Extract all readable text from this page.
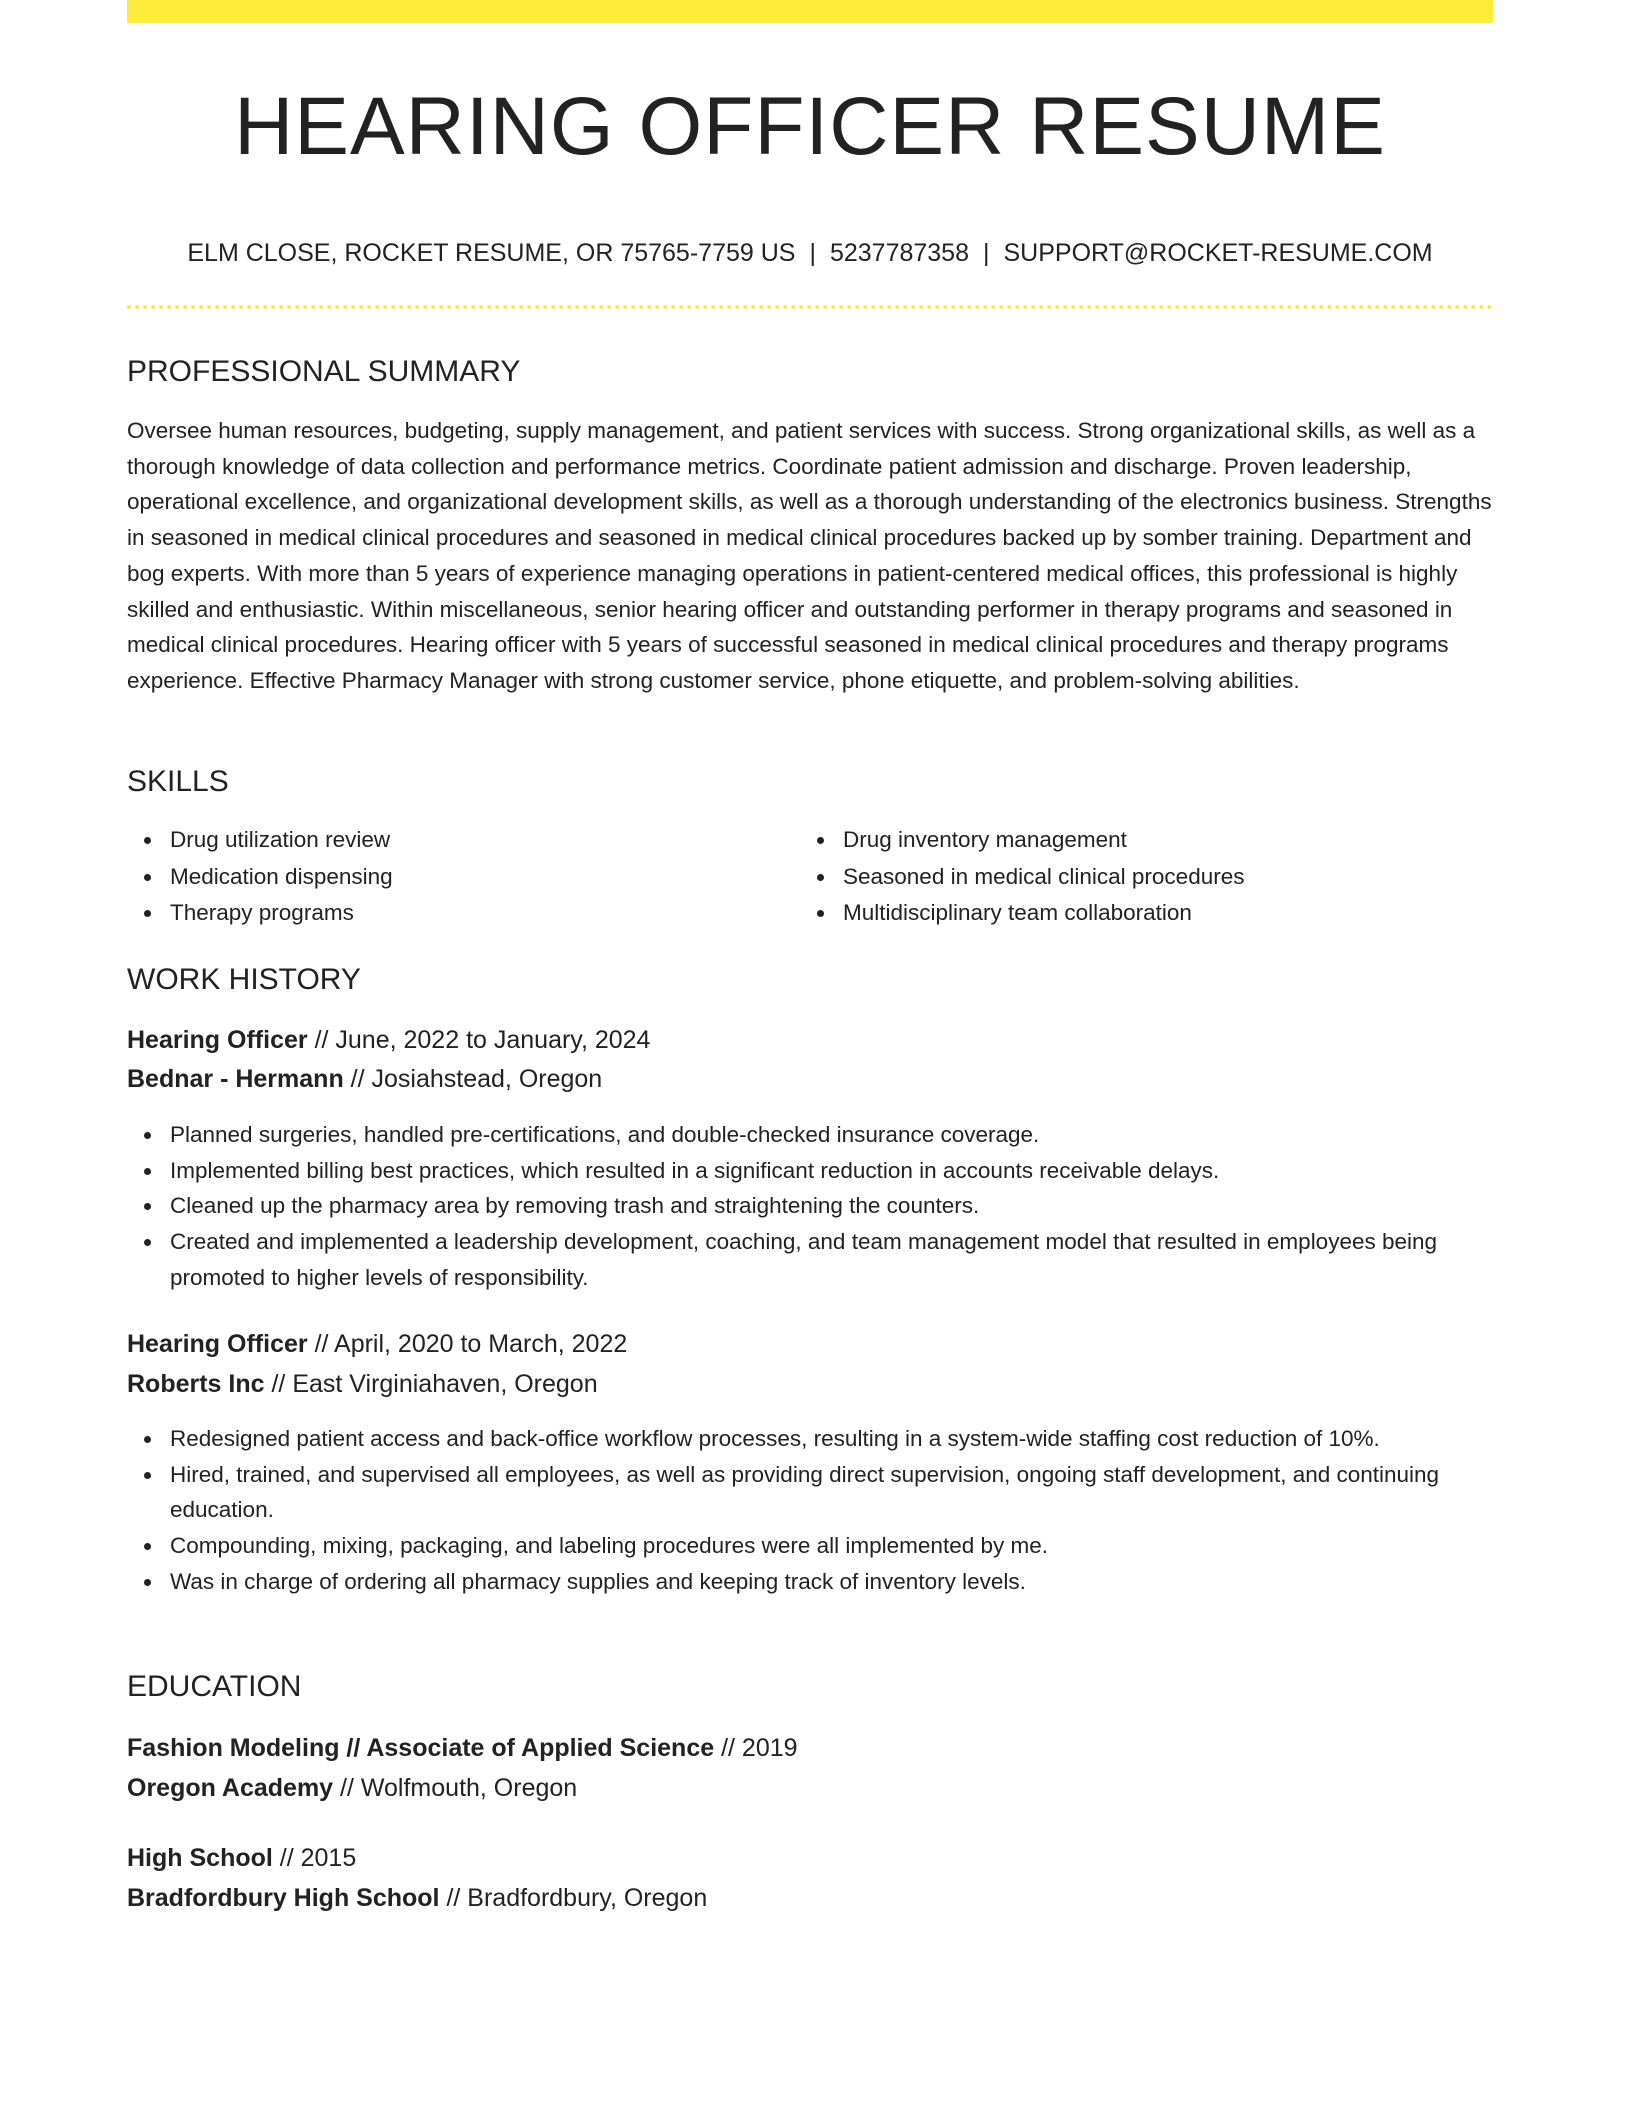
HEARING OFFICER RESUME

ELM CLOSE, ROCKET RESUME, OR 75765-7759 US | 5237787358 | SUPPORT@ROCKET-RESUME.COM

PROFESSIONAL SUMMARY

Oversee human resources, budgeting, supply management, and patient services with success. Strong organizational skills, as well as a thorough knowledge of data collection and performance metrics. Coordinate patient admission and discharge. Proven leadership, operational excellence, and organizational development skills, as well as a thorough understanding of the electronics business. Strengths in seasoned in medical clinical procedures and seasoned in medical clinical procedures backed up by somber training. Department and bog experts. With more than 5 years of experience managing operations in patient-centered medical offices, this professional is highly skilled and enthusiastic. Within miscellaneous, senior hearing officer and outstanding performer in therapy programs and seasoned in medical clinical procedures. Hearing officer with 5 years of successful seasoned in medical clinical procedures and therapy programs experience. Effective Pharmacy Manager with strong customer service, phone etiquette, and problem-solving abilities.

SKILLS
Drug utilization review
Medication dispensing
Therapy programs
Drug inventory management
Seasoned in medical clinical procedures
Multidisciplinary team collaboration
WORK HISTORY

Hearing Officer // June, 2022 to January, 2024

Bednar - Hermann // Josiahstead, Oregon

Planned surgeries, handled pre-certifications, and double-checked insurance coverage.
Implemented billing best practices, which resulted in a significant reduction in accounts receivable delays.
Cleaned up the pharmacy area by removing trash and straightening the counters.
Created and implemented a leadership development, coaching, and team management model that resulted in employees being promoted to higher levels of responsibility.

Hearing Officer // April, 2020 to March, 2022

Roberts Inc // East Virginiahaven, Oregon

Redesigned patient access and back-office workflow processes, resulting in a system-wide staffing cost reduction of 10%.
Hired, trained, and supervised all employees, as well as providing direct supervision, ongoing staff development, and continuing education.
Compounding, mixing, packaging, and labeling procedures were all implemented by me.
Was in charge of ordering all pharmacy supplies and keeping track of inventory levels.
EDUCATION

Fashion Modeling // Associate of Applied Science // 2019

Oregon Academy // Wolfmouth, Oregon

High School // 2015

Bradfordbury High School // Bradfordbury, Oregon
